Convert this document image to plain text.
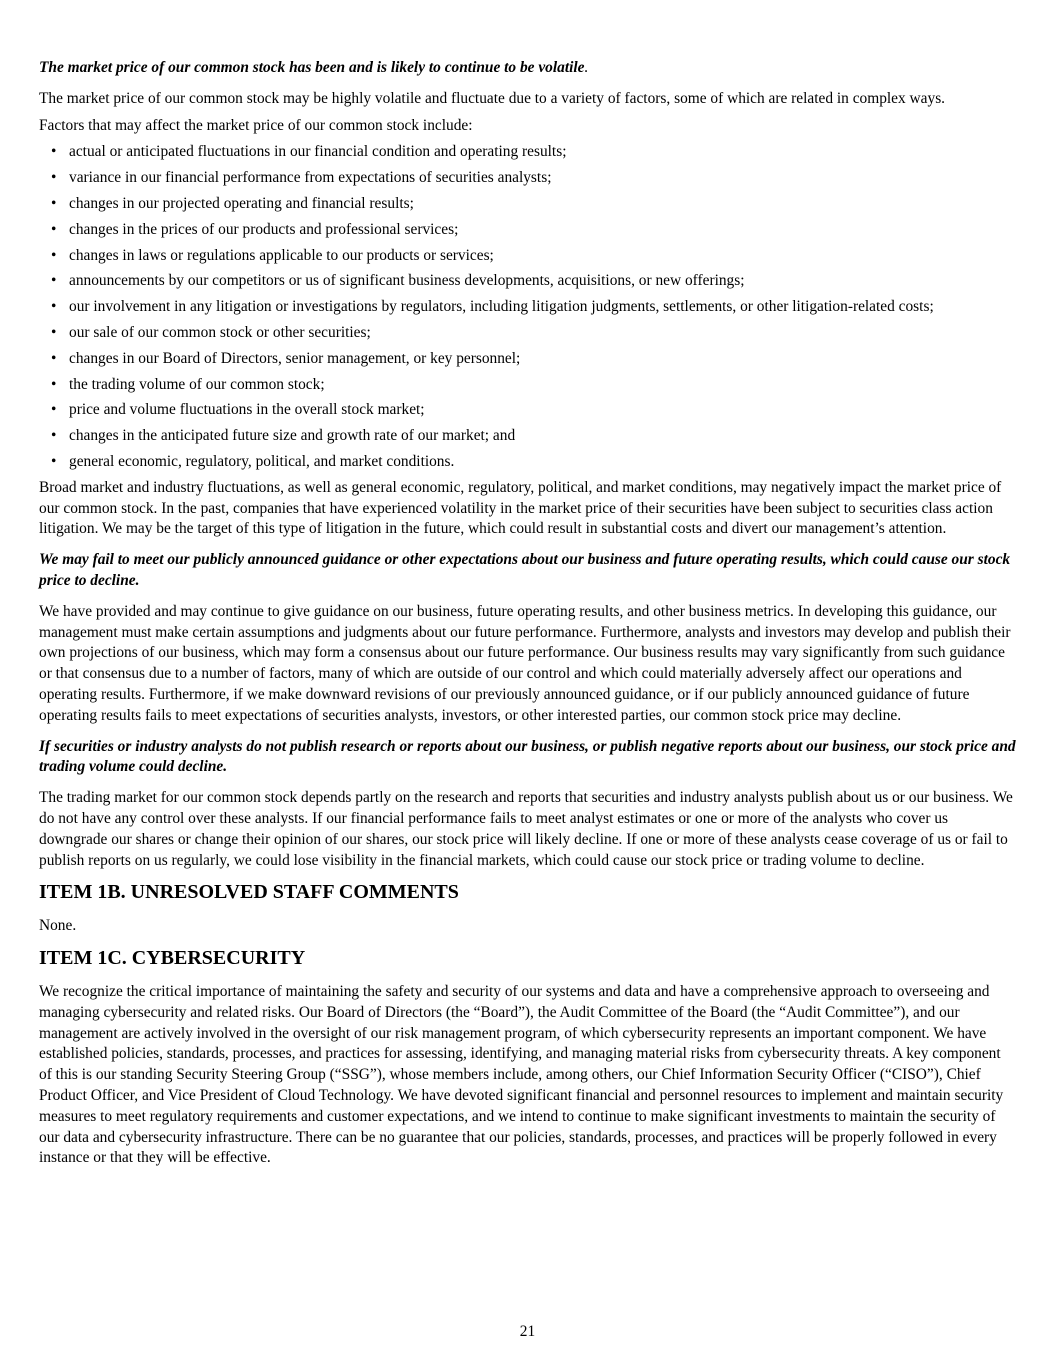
The market price of our common stock has been and is likely to continue to be volatile.

The market price of our common stock may be highly volatile and fluctuate due to a variety of factors, some of which are related in complex ways.

Factors that may affect the market price of our common stock include:

• actual or anticipated fluctuations in our financial condition and operating results;
• variance in our financial performance from expectations of securities analysts;
• changes in our projected operating and financial results;
• changes in the prices of our products and professional services;
• changes in laws or regulations applicable to our products or services;
• announcements by our competitors or us of significant business developments, acquisitions, or new offerings;
• our involvement in any litigation or investigations by regulators, including litigation judgments, settlements, or other litigation-related costs;
• our sale of our common stock or other securities;
• changes in our Board of Directors, senior management, or key personnel;
• the trading volume of our common stock;
• price and volume fluctuations in the overall stock market;
• changes in the anticipated future size and growth rate of our market; and
• general economic, regulatory, political, and market conditions.

Broad market and industry fluctuations, as well as general economic, regulatory, political, and market conditions, may negatively impact the market price of our common stock. In the past, companies that have experienced volatility in the market price of their securities have been subject to securities class action litigation. We may be the target of this type of litigation in the future, which could result in substantial costs and divert our management’s attention.

We may fail to meet our publicly announced guidance or other expectations about our business and future operating results, which could cause our stock price to decline.

We have provided and may continue to give guidance on our business, future operating results, and other business metrics. In developing this guidance, our management must make certain assumptions and judgments about our future performance. Furthermore, analysts and investors may develop and publish their own projections of our business, which may form a consensus about our future performance. Our business results may vary significantly from such guidance or that consensus due to a number of factors, many of which are outside of our control and which could materially adversely affect our operations and operating results. Furthermore, if we make downward revisions of our previously announced guidance, or if our publicly announced guidance of future operating results fails to meet expectations of securities analysts, investors, or other interested parties, our common stock price may decline.

If securities or industry analysts do not publish research or reports about our business, or publish negative reports about our business, our stock price and trading volume could decline.

The trading market for our common stock depends partly on the research and reports that securities and industry analysts publish about us or our business. We do not have any control over these analysts. If our financial performance fails to meet analyst estimates or one or more of the analysts who cover us downgrade our shares or change their opinion of our shares, our stock price will likely decline. If one or more of these analysts cease coverage of us or fail to publish reports on us regularly, we could lose visibility in the financial markets, which could cause our stock price or trading volume to decline.

ITEM 1B. UNRESOLVED STAFF COMMENTS

None.

ITEM 1C. CYBERSECURITY

We recognize the critical importance of maintaining the safety and security of our systems and data and have a comprehensive approach to overseeing and managing cybersecurity and related risks. Our Board of Directors (the “Board”), the Audit Committee of the Board (the “Audit Committee”), and our management are actively involved in the oversight of our risk management program, of which cybersecurity represents an important component. We have established policies, standards, processes, and practices for assessing, identifying, and managing material risks from cybersecurity threats. A key component of this is our standing Security Steering Group (“SSG”), whose members include, among others, our Chief Information Security Officer (“CISO”), Chief Product Officer, and Vice President of Cloud Technology. We have devoted significant financial and personnel resources to implement and maintain security measures to meet regulatory requirements and customer expectations, and we intend to continue to make significant investments to maintain the security of our data and cybersecurity infrastructure. There can be no guarantee that our policies, standards, processes, and practices will be properly followed in every instance or that they will be effective.

21
